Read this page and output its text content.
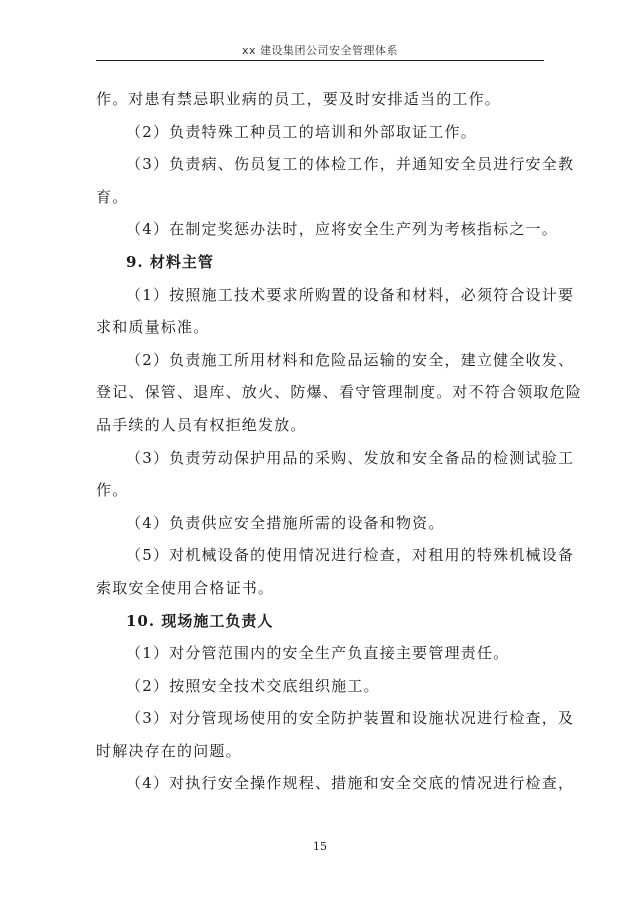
xx 建设集团公司安全管理体系
作。对患有禁忌职业病的员工，要及时安排适当的工作。
（2）负责特殊工种员工的培训和外部取证工作。
（3）负责病、伤员复工的体检工作，并通知安全员进行安全教
育。
（4）在制定奖惩办法时，应将安全生产列为考核指标之一。
9. 材料主管
（1）按照施工技术要求所购置的设备和材料，必须符合设计要
求和质量标准。
（2）负责施工所用材料和危险品运输的安全，建立健全收发、
登记、保管、退库、放火、防爆、看守管理制度。对不符合领取危险
品手续的人员有权拒绝发放。
（3）负责劳动保护用品的采购、发放和安全备品的检测试验工
作。
（4）负责供应安全措施所需的设备和物资。
（5）对机械设备的使用情况进行检查，对租用的特殊机械设备
索取安全使用合格证书。
10. 现场施工负责人
（1）对分管范围内的安全生产负直接主要管理责任。
（2）按照安全技术交底组织施工。
（3）对分管现场使用的安全防护装置和设施状况进行检查，及
时解决存在的问题。
（4）对执行安全操作规程、措施和安全交底的情况进行检查，
15
